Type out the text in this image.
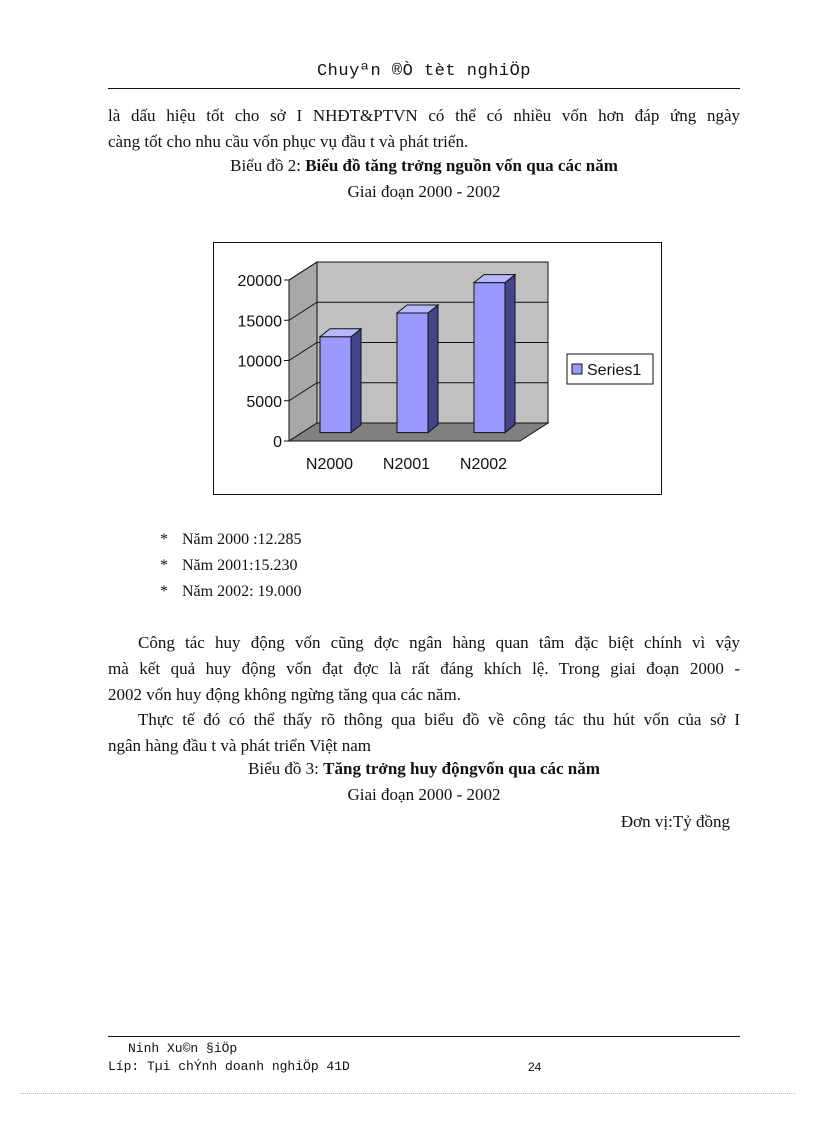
Chuyªn ®Ò tèt nghiÖp
là dấu hiệu tốt cho sở I NHĐT&PTVN có thể có nhiều vốn hơn đáp ứng ngày
càng tốt cho nhu cầu vốn phục vụ đầu t và phát triển.
Biểu đồ 2: Biểu đồ tăng trởng nguồn vốn qua các năm
Giai đoạn 2000 - 2002
0
5000
10000
15000
20000
N2000 N2001 N2002
Series1
* Năm 2000 :12.285
* Năm 2001:15.230
* Năm 2002: 19.000
Công tác huy động vốn cũng đợc ngân hàng quan tâm đặc biệt chính vì vậy
mà kết quả huy động vốn đạt đợc là rất đáng khích lệ. Trong giai đoạn 2000 -
2002 vốn huy động không ngừng tăng qua các năm.
Thực tế đó có thể thấy rõ thông qua biểu đồ về công tác thu hút vốn của sở I
ngân hàng đầu t và phát triển Việt nam
Biểu đồ 3: Tăng trởng huy độngvốn qua các năm
Giai đoạn 2000 - 2002
Đơn vị:Tỷ đồng
Ninh Xu©n §iÖp
Líp: Tµi chÝnh doanh nghiÖp 41D	24
